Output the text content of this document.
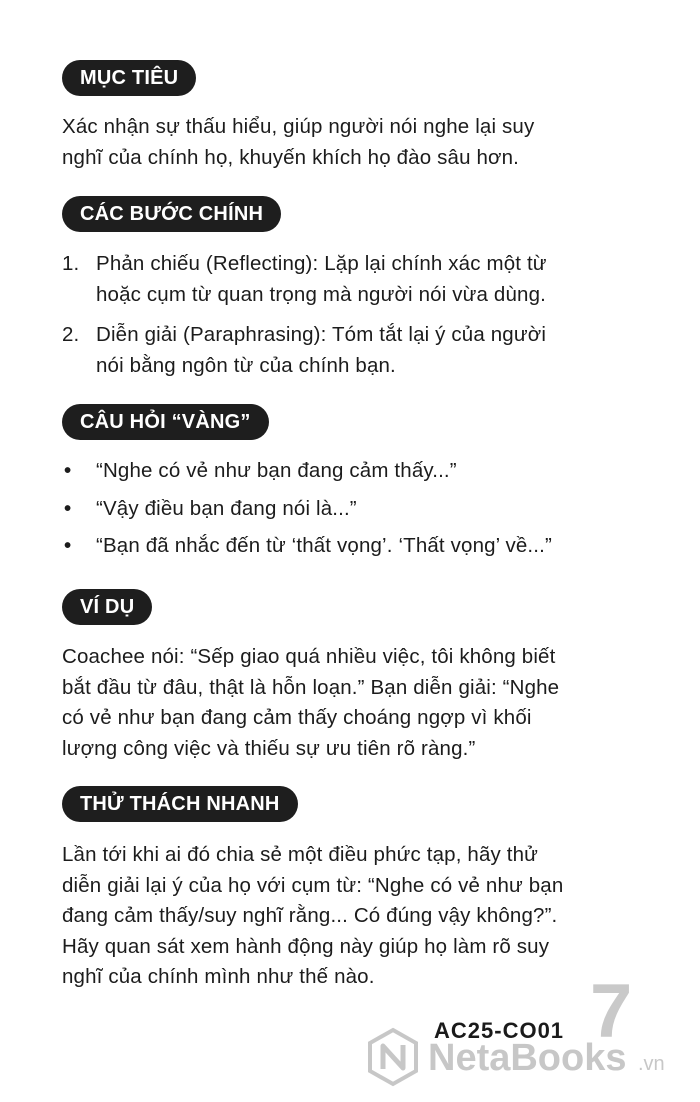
MỤC TIÊU

Xác nhận sự thấu hiểu, giúp người nói nghe lại suy
nghĩ của chính họ, khuyến khích họ đào sâu hơn.

CÁC BƯỚC CHÍNH
1. Phản chiếu (Reflecting): Lặp lại chính xác một từ
hoặc cụm từ quan trọng mà người nói vừa dùng.
2. Diễn giải (Paraphrasing): Tóm tắt lại ý của người
nói bằng ngôn từ của chính bạn.
CÂU HỎI “VÀNG”
• “Nghe có vẻ như bạn đang cảm thấy...”
• “Vậy điều bạn đang nói là...”
• “Bạn đã nhắc đến từ ‘thất vọng’. ‘Thất vọng’ về...”
VÍ DỤ

Coachee nói: “Sếp giao quá nhiều việc, tôi không biết
bắt đầu từ đâu, thật là hỗn loạn.” Bạn diễn giải: “Nghe
có vẻ như bạn đang cảm thấy choáng ngợp vì khối
lượng công việc và thiếu sự ưu tiên rõ ràng.”

THỬ THÁCH NHANH

Lần tới khi ai đó chia sẻ một điều phức tạp, hãy thử
diễn giải lại ý của họ với cụm từ: “Nghe có vẻ như bạn
đang cảm thấy/suy nghĩ rằng... Có đúng vậy không?”.
Hãy quan sát xem hành động này giúp họ làm rõ suy
nghĩ của chính mình như thế nào.	7
AC25-CO01
NetaBooks .vn
